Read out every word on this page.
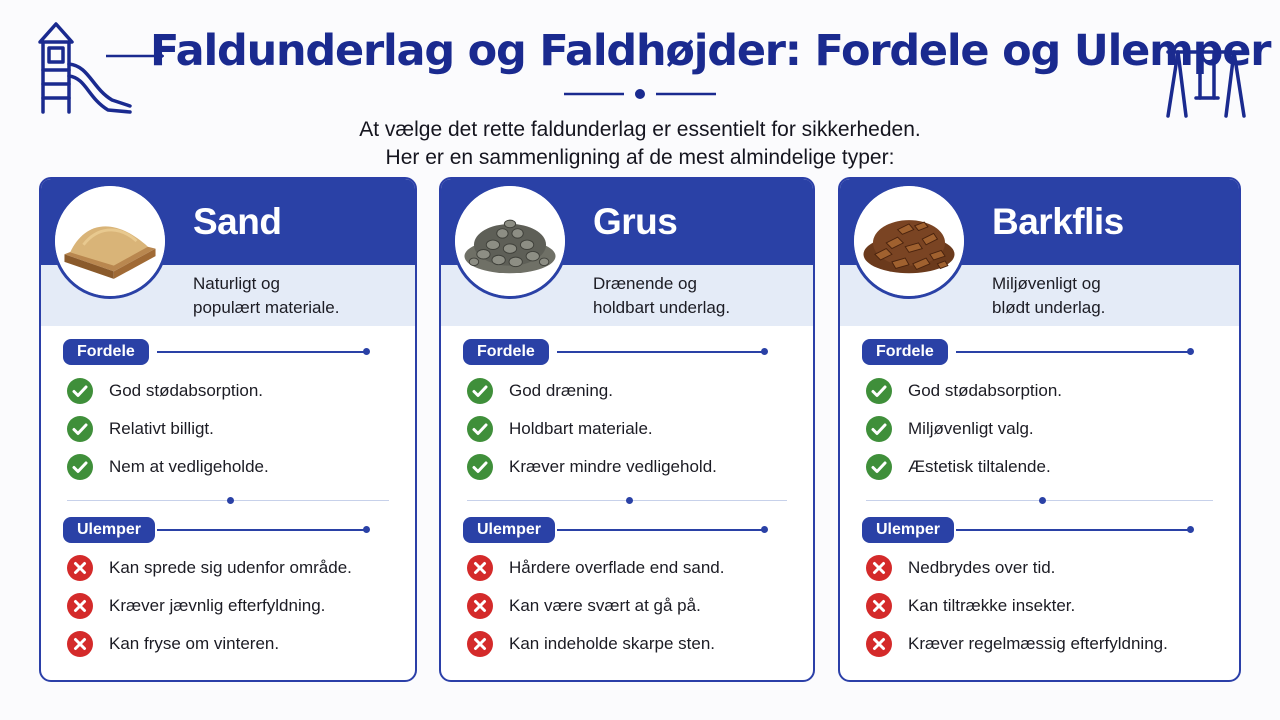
Faldunderlag og Faldhøjder: Fordele og Ulemper
At vælge det rette faldunderlag er essentielt for sikkerheden.
Her er en sammenligning af de mest almindelige typer:
Sand
Naturligt og
populært materiale.
Fordele
God stødabsorption.
Relativt billigt.
Nem at vedligeholde.
Ulemper
Kan sprede sig udenfor område.
Kræver jævnlig efterfyldning.
Kan fryse om vinteren.
Grus
Drænende og
holdbart underlag.
Fordele
God dræning.
Holdbart materiale.
Kræver mindre vedligehold.
Ulemper
Hårdere overflade end sand.
Kan være svært at gå på.
Kan indeholde skarpe sten.
Barkflis
Miljøvenligt og
blødt underlag.
Fordele
God stødabsorption.
Miljøvenligt valg.
Æstetisk tiltalende.
Ulemper
Nedbrydes over tid.
Kan tiltrække insekter.
Kræver regelmæssig efterfyldning.
